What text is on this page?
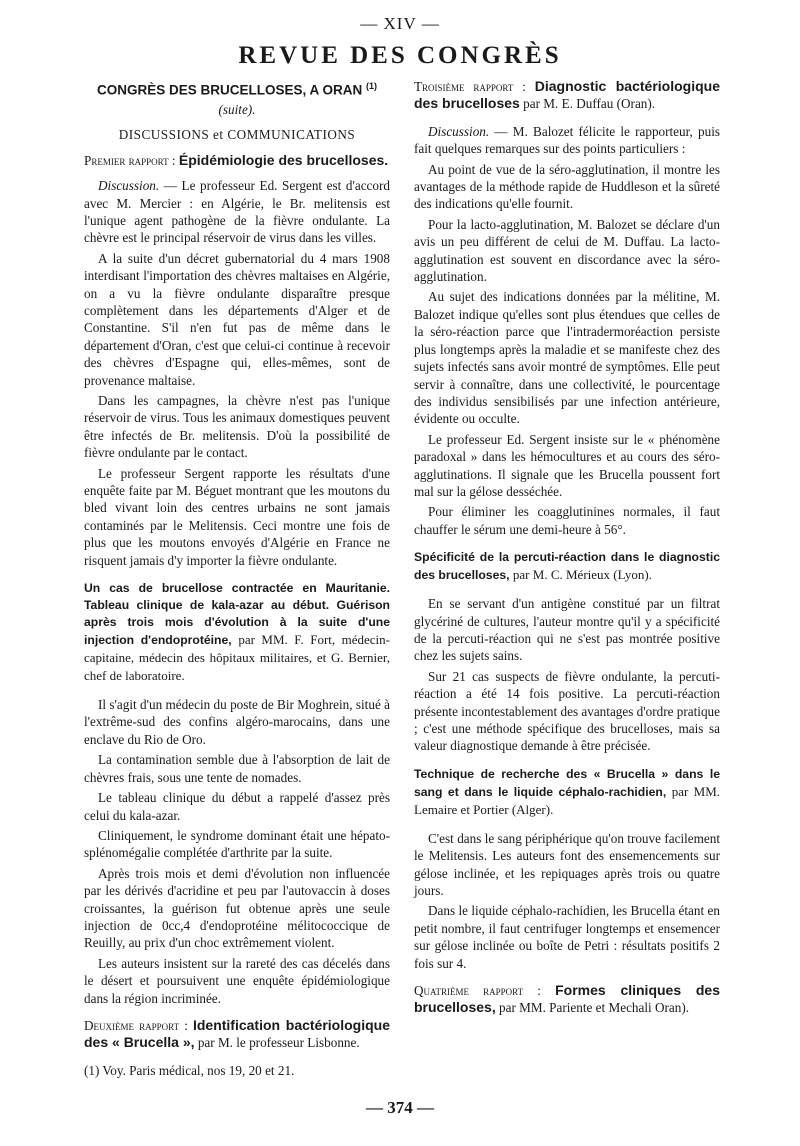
— XIV —
REVUE DES CONGRÈS

CONGRÈS DES BRUCELLOSES, A ORAN $^{(1)}$

(suite).

DISCUSSIONS et COMMUNICATIONS

Premier rapport : Épidémiologie des brucelloses.

Discussion. — Le professeur Ed. Sergent est d'accord avec M. Mercier : en Algérie, le Br. melitensis est l'unique agent pathogène de la fièvre ondulante. La chèvre est le principal réservoir de virus dans les villes.

A la suite d'un décret gubernatorial du 4 mars 1908 interdisant l'importation des chèvres maltaises en Algérie, on a vu la fièvre ondulante disparaître presque complètement dans les départements d'Alger et de Constantine. S'il n'en fut pas de même dans le département d'Oran, c'est que celui-ci continue à recevoir des chèvres d'Espagne qui, elles-mêmes, sont de provenance maltaise.

Dans les campagnes, la chèvre n'est pas l'unique réservoir de virus. Tous les animaux domestiques peuvent être infectés de Br. melitensis. D'où la possibilité de fièvre ondulante par le contact.

Le professeur Sergent rapporte les résultats d'une enquête faite par M. Béguet montrant que les moutons du bled vivant loin des centres urbains ne sont jamais contaminés par le Melitensis. Ceci montre une fois de plus que les moutons envoyés d'Algérie en France ne risquent jamais d'y importer la fièvre ondulante.

Un cas de brucellose contractée en Mauritanie. Tableau clinique de kala-azar au début. Guérison après trois mois d'évolution à la suite d'une injection d'endoprotéine, par MM. F. Fort, médecin-capitaine, médecin des hôpitaux militaires, et G. Bernier, chef de laboratoire.

Il s'agit d'un médecin du poste de Bir Moghrein, situé à l'extrême-sud des confins algéro-marocains, dans une enclave du Rio de Oro.

La contamination semble due à l'absorption de lait de chèvres frais, sous une tente de nomades.

Le tableau clinique du début a rappelé d'assez près celui du kala-azar.

Cliniquement, le syndrome dominant était une hépato-splénomégalie complétée d'arthrite par la suite.

Après trois mois et demi d'évolution non influencée par les dérivés d'acridine et peu par l'autovaccin à doses croissantes, la guérison fut obtenue après une seule injection de 0cc,4 d'endoprotéine mélitococcique de Reuilly, au prix d'un choc extrêmement violent.

Les auteurs insistent sur la rareté des cas décelés dans le désert et poursuivent une enquête épidémiologique dans la région incriminée.

Deuxième rapport : Identification bactériologique des « Brucella », par M. le professeur Lisbonne.

(1) Voy. Paris médical, nos 19, 20 et 21.

Troisième rapport : Diagnostic bactériologique des brucelloses par M. E. Duffau (Oran).

Discussion. — M. Balozet félicite le rapporteur, puis fait quelques remarques sur des points particuliers :

Au point de vue de la séro-agglutination, il montre les avantages de la méthode rapide de Huddleson et la sûreté des indications qu'elle fournit.

Pour la lacto-agglutination, M. Balozet se déclare d'un avis un peu différent de celui de M. Duffau. La lacto-agglutination est souvent en discordance avec la séro-agglutination.

Au sujet des indications données par la mélitine, M. Balozet indique qu'elles sont plus étendues que celles de la séro-réaction parce que l'intradermoréaction persiste plus longtemps après la maladie et se manifeste chez des sujets infectés sans avoir montré de symptômes. Elle peut servir à connaître, dans une collectivité, le pourcentage des individus sensibilisés par une infection antérieure, évidente ou occulte.

Le professeur Ed. Sergent insiste sur le « phénomène paradoxal » dans les hémocultures et au cours des séro-agglutinations. Il signale que les Brucella poussent fort mal sur la gélose desséchée.

Pour éliminer les coagglutinines normales, il faut chauffer le sérum une demi-heure à 56°.

Spécificité de la percuti-réaction dans le diagnostic des brucelloses, par M. C. Mérieux (Lyon).

En se servant d'un antigène constitué par un filtrat glycériné de cultures, l'auteur montre qu'il y a spécificité de la percuti-réaction qui ne s'est pas montrée positive chez les sujets sains.

Sur 21 cas suspects de fièvre ondulante, la percuti-réaction a été 14 fois positive. La percuti-réaction présente incontestablement des avantages d'ordre pratique ; c'est une méthode spécifique des brucelloses, mais sa valeur diagnostique demande à être précisée.

Technique de recherche des « Brucella » dans le sang et dans le liquide céphalo-rachidien, par MM. Lemaire et Portier (Alger).

C'est dans le sang périphérique qu'on trouve facilement le Melitensis. Les auteurs font des ensemencements sur gélose inclinée, et les repiquages après trois ou quatre jours.

Dans le liquide céphalo-rachidien, les Brucella étant en petit nombre, il faut centrifuger longtemps et ensemencer sur gélose inclinée ou boîte de Petri : résultats positifs 2 fois sur 4.

Quatrième rapport : Formes cliniques des brucelloses, par MM. Pariente et Mechali Oran).

— 374 —
